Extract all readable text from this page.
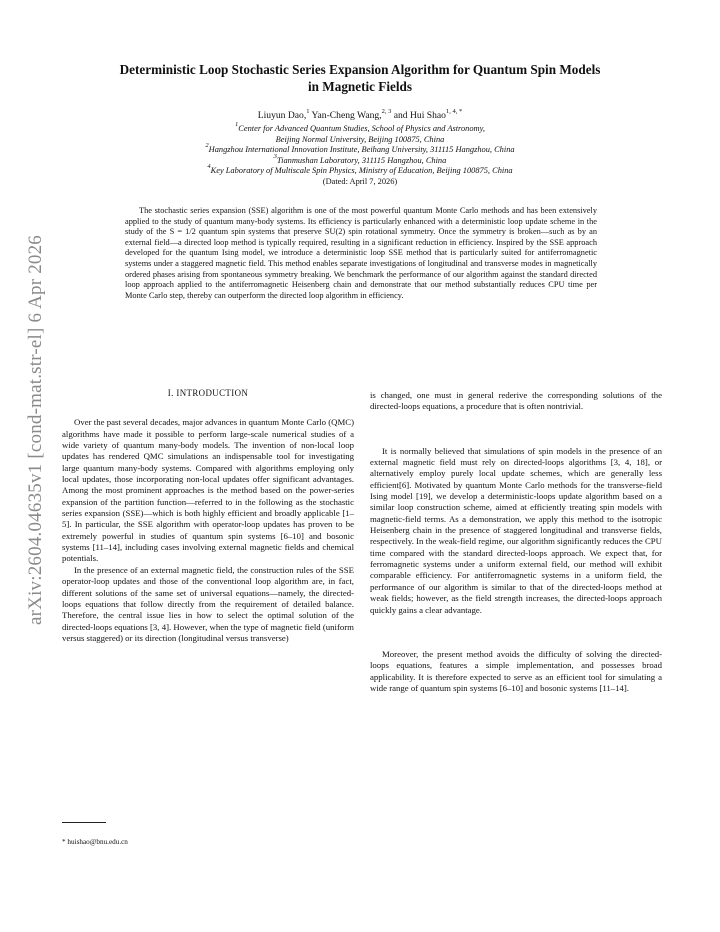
arXiv:2604.04635v1 [cond-mat.str-el] 6 Apr 2026
Deterministic Loop Stochastic Series Expansion Algorithm for Quantum Spin Models
in Magnetic Fields
Liuyun Dao,$^1$ Yan-Cheng Wang,$^{2, 3}$ and Hui Shao$^{1, 4, *}$
$^1$Center for Advanced Quantum Studies, School of Physics and Astronomy,
Beijing Normal University, Beijing 100875, China
$^2$Hangzhou International Innovation Institute, Beihang University, 311115 Hangzhou, China
$^3$Tianmushan Laboratory, 311115 Hangzhou, China
$^4$Key Laboratory of Multiscale Spin Physics, Ministry of Education, Beijing 100875, China
(Dated: April 7, 2026)
The stochastic series expansion (SSE) algorithm is one of the most powerful quantum Monte Carlo methods and has been extensively applied to the study of quantum many-body systems. Its efficiency is particularly enhanced with a deterministic loop update scheme in the study of the S = 1/2 quantum spin systems that preserve SU(2) spin rotational symmetry. Once the symmetry is broken—such as by an external field—a directed loop method is typically required, resulting in a significant reduction in efficiency. Inspired by the SSE approach developed for the quantum Ising model, we introduce a deterministic loop SSE method that is particularly suited for antiferromagnetic systems under a staggered magnetic field. This method enables separate investigations of longitudinal and transverse modes in magnetically ordered phases arising from spontaneous symmetry breaking. We benchmark the performance of our algorithm against the standard directed loop approach applied to the antiferromagnetic Heisenberg chain and demonstrate that our method substantially reduces CPU time per Monte Carlo step, thereby can outperform the directed loop algorithm in efficiency.
I. INTRODUCTION

Over the past several decades, major advances in quantum Monte Carlo (QMC) algorithms have made it possible to perform large-scale numerical studies of a wide variety of quantum many-body models. The invention of non-local loop updates has rendered QMC simulations an indispensable tool for investigating large quantum many-body systems. Compared with algorithms employing only local updates, those incorporating non-local updates offer significant advantages. Among the most prominent approaches is the method based on the power-series expansion of the partition function—referred to in the following as the stochastic series expansion (SSE)—which is both highly efficient and broadly applicable [1–5]. In particular, the SSE algorithm with operator-loop updates has proven to be extremely powerful in studies of quantum spin systems [6–10] and bosonic systems [11–14], including cases involving external magnetic fields and chemical potentials.

In the presence of an external magnetic field, the construction rules of the SSE operator-loop updates and those of the conventional loop algorithm are, in fact, different solutions of the same set of universal equations—namely, the directed-loops equations that follow directly from the requirement of detailed balance. Therefore, the central issue lies in how to select the optimal solution of the directed-loops equations [3, 4]. However, when the type of magnetic field (uniform versus staggered) or its direction (longitudinal versus transverse)

is changed, one must in general rederive the corresponding solutions of the directed-loops equations, a procedure that is often nontrivial.

It is normally believed that simulations of spin models in the presence of an external magnetic field must rely on directed-loops algorithms [3, 4, 18], or alternatively employ purely local update schemes, which are generally less efficient[6]. Motivated by quantum Monte Carlo methods for the transverse-field Ising model [19], we develop a deterministic-loops update algorithm based on a similar loop construction scheme, aimed at efficiently treating spin models with magnetic-field terms. As a demonstration, we apply this method to the isotropic Heisenberg chain in the presence of staggered longitudinal and transverse fields, respectively. In the weak-field regime, our algorithm significantly reduces the CPU time compared with the standard directed-loops approach. We expect that, for ferromagnetic systems under a uniform external field, our method will exhibit comparable efficiency. For antiferromagnetic systems in a uniform field, the performance of our algorithm is similar to that of the directed-loops method at weak fields; however, as the field strength increases, the directed-loops approach quickly gains a clear advantage.

Moreover, the present method avoids the difficulty of solving the directed-loops equations, features a simple implementation, and possesses broad applicability. It is therefore expected to serve as an efficient tool for simulating a wide range of quantum spin systems [6–10] and bosonic systems [11–14].

* huishao@bnu.edu.cn
